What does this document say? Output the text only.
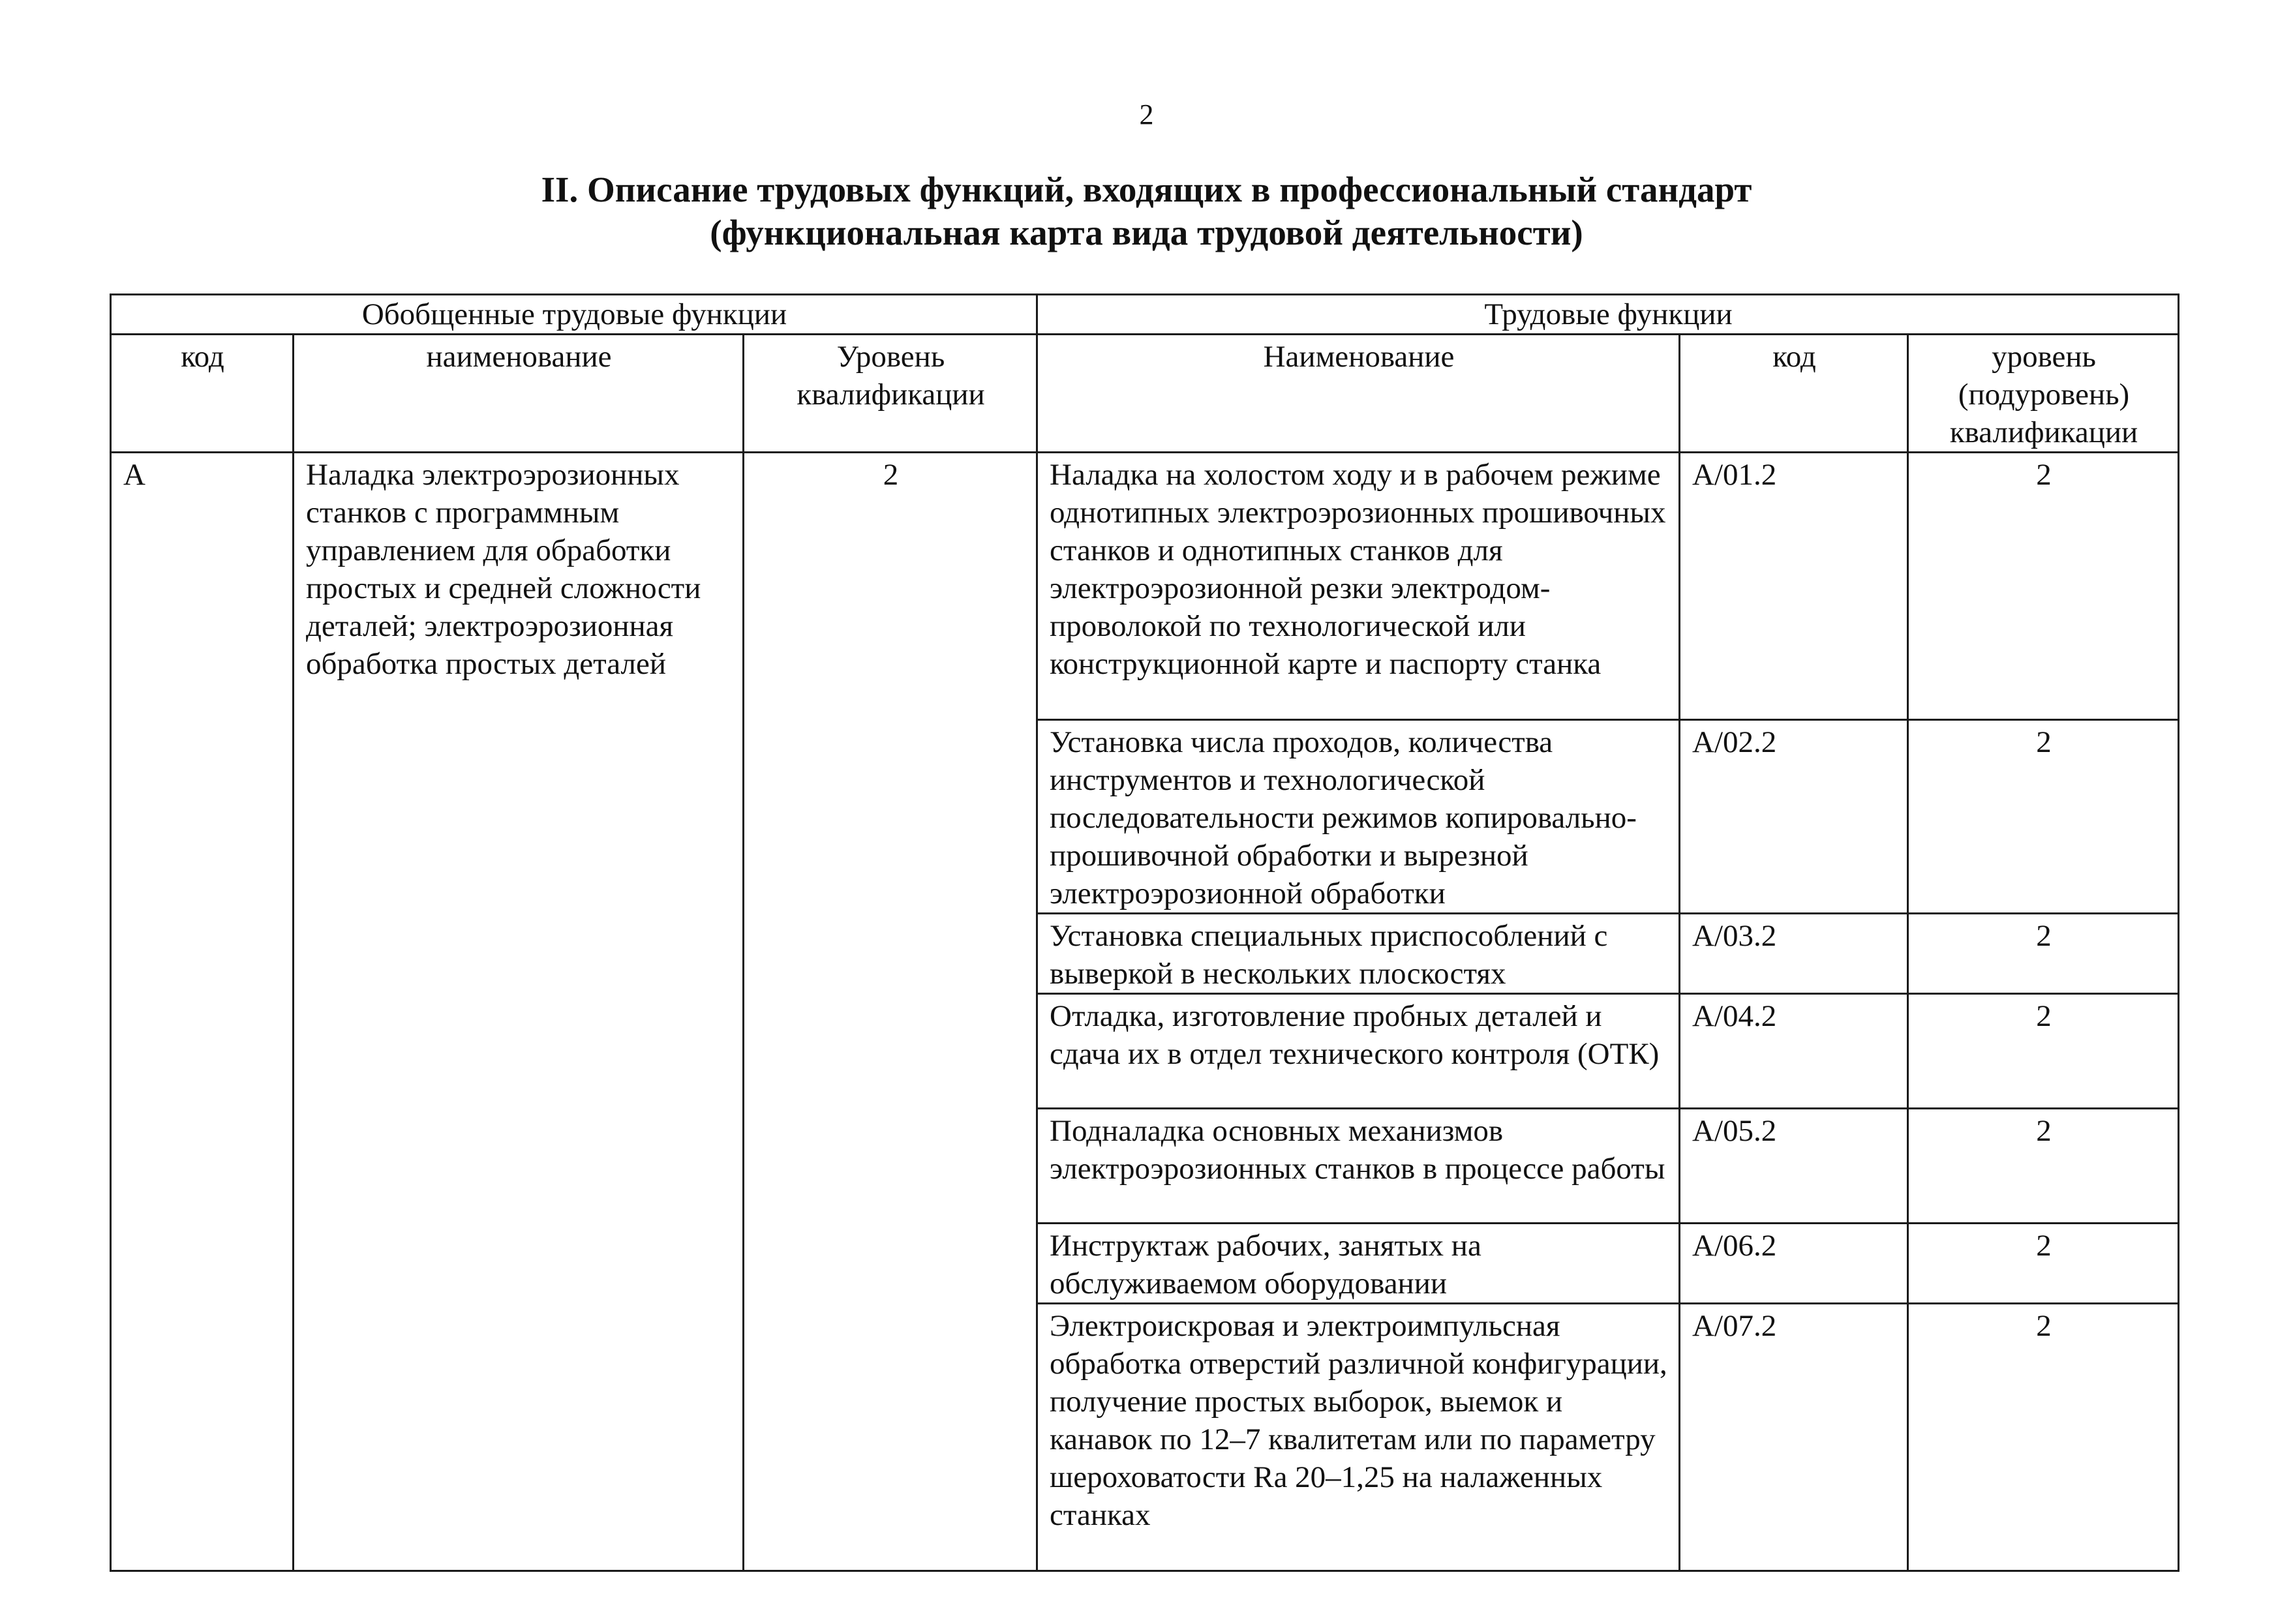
2
II. Описание трудовых функций, входящих в профессиональный стандарт
(функциональная карта вида трудовой деятельности)
Обобщенные трудовые функции			Трудовые функции		
код	наименование	Уровень квалификации	Наименование	код	уровень (подуровень) квалификации
A	Наладка электроэрозионных станков с программным управлением для обработки простых и средней сложности деталей; электроэрозионная обработка простых деталей	2	Наладка на холостом ходу и в рабочем режиме однотипных электроэрозионных прошивочных станков и однотипных станков для электроэрозионной резки электродом-проволокой по технологической или конструкционной карте и паспорту станка	A/01.2	2
			Установка числа проходов, количества инструментов и технологической последовательности режимов копировально-прошивочной обработки и вырезной электроэрозионной обработки	A/02.2	2
			Установка специальных приспособлений с выверкой в нескольких плоскостях	A/03.2	2
			Отладка, изготовление пробных деталей и сдача их в отдел технического контроля (ОТК)	A/04.2	2
			Подналадка основных механизмов электроэрозионных станков в процессе работы	A/05.2	2
			Инструктаж рабочих, занятых на обслуживаемом оборудовании	A/06.2	2
			Электроискровая и электроимпульсная обработка отверстий различной конфигурации, получение простых выборок, выемок и канавок по 12–7 квалитетам или по параметру шероховатости Ra 20–1,25 на налаженных станках	A/07.2	2
